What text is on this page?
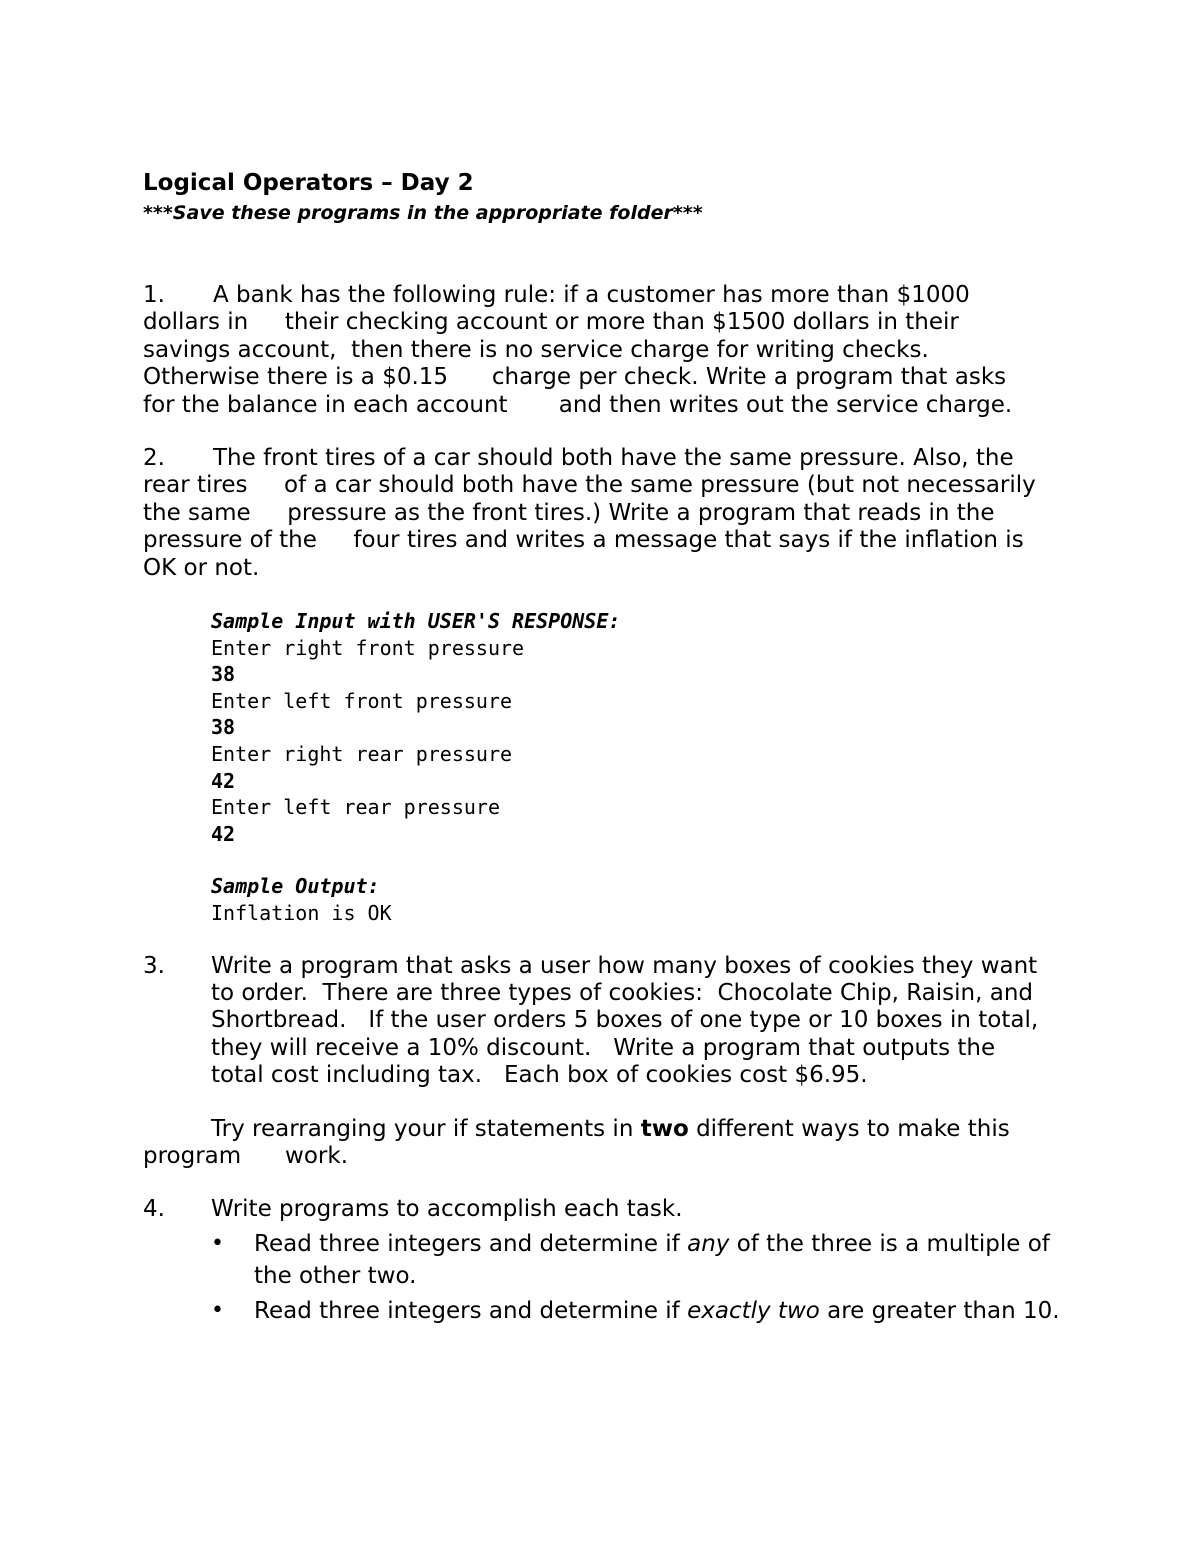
Logical Operators – Day 2

***Save these programs in the appropriate folder***

1. A bank has the following rule: if a customer has more than $1000

dollars in     their checking account or more than $1500 dollars in their

savings account,  then there is no service charge for writing checks.

Otherwise there is a $0.15      charge per check. Write a program that asks

for the balance in each account       and then writes out the service charge.

2. The front tires of a car should both have the same pressure. Also, the

rear tires     of a car should both have the same pressure (but not necessarily

the same     pressure as the front tires.) Write a program that reads in the

pressure of the     four tires and writes a message that says if the inflation is

OK or not.

Sample Input with USER'S RESPONSE:

Enter right front pressure

38

Enter left front pressure

38

Enter right rear pressure

42

Enter left rear pressure

42

Sample Output:

Inflation is OK

3.	Write a program that asks a user how many boxes of cookies they want

to order.  There are three types of cookies:  Chocolate Chip, Raisin, and

Shortbread.   If the user orders 5 boxes of one type or 10 boxes in total,

they will receive a 10% discount.   Write a program that outputs the

total cost including tax.   Each box of cookies cost $6.95.

Try rearranging your if statements in two different ways to make this

program      work.

4.	Write programs to accomplish each task.

•	Read three integers and determine if any of the three is a multiple of the other two.
•	Read three integers and determine if exactly two are greater than 10.
